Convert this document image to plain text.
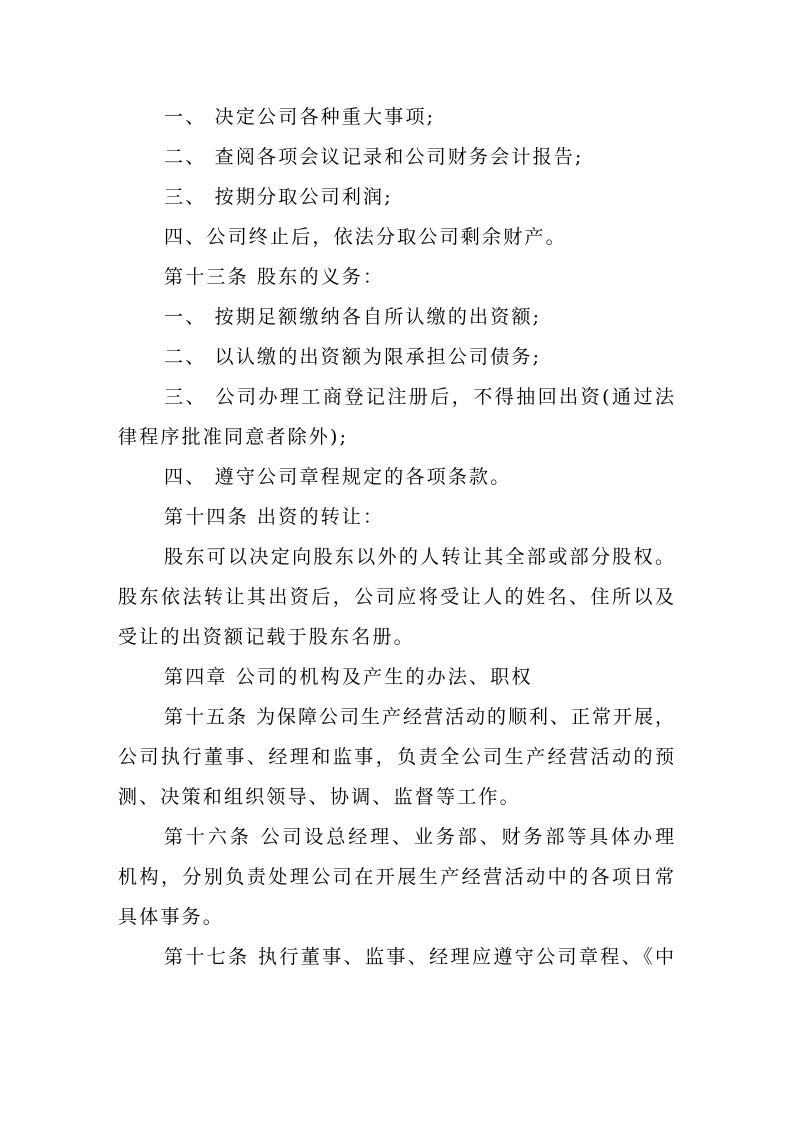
一、 决定公司各种重大事项;
二、 查阅各项会议记录和公司财务会计报告;
三、 按期分取公司利润;
四、公司终止后，依法分取公司剩余财产。
第十三条 股东的义务：
一、 按期足额缴纳各自所认缴的出资额;
二、 以认缴的出资额为限承担公司债务;
三、 公司办理工商登记注册后，不得抽回出资(通过法
律程序批准同意者除外);
四、 遵守公司章程规定的各项条款。
第十四条 出资的转让：
股东可以决定向股东以外的人转让其全部或部分股权。
股东依法转让其出资后，公司应将受让人的姓名、住所以及
受让的出资额记载于股东名册。
第四章 公司的机构及产生的办法、职权
第十五条 为保障公司生产经营活动的顺利、正常开展，
公司执行董事、经理和监事，负责全公司生产经营活动的预
测、决策和组织领导、协调、监督等工作。
第十六条 公司设总经理、业务部、财务部等具体办理
机构，分别负责处理公司在开展生产经营活动中的各项日常
具体事务。
第十七条 执行董事、监事、经理应遵守公司章程、《中
